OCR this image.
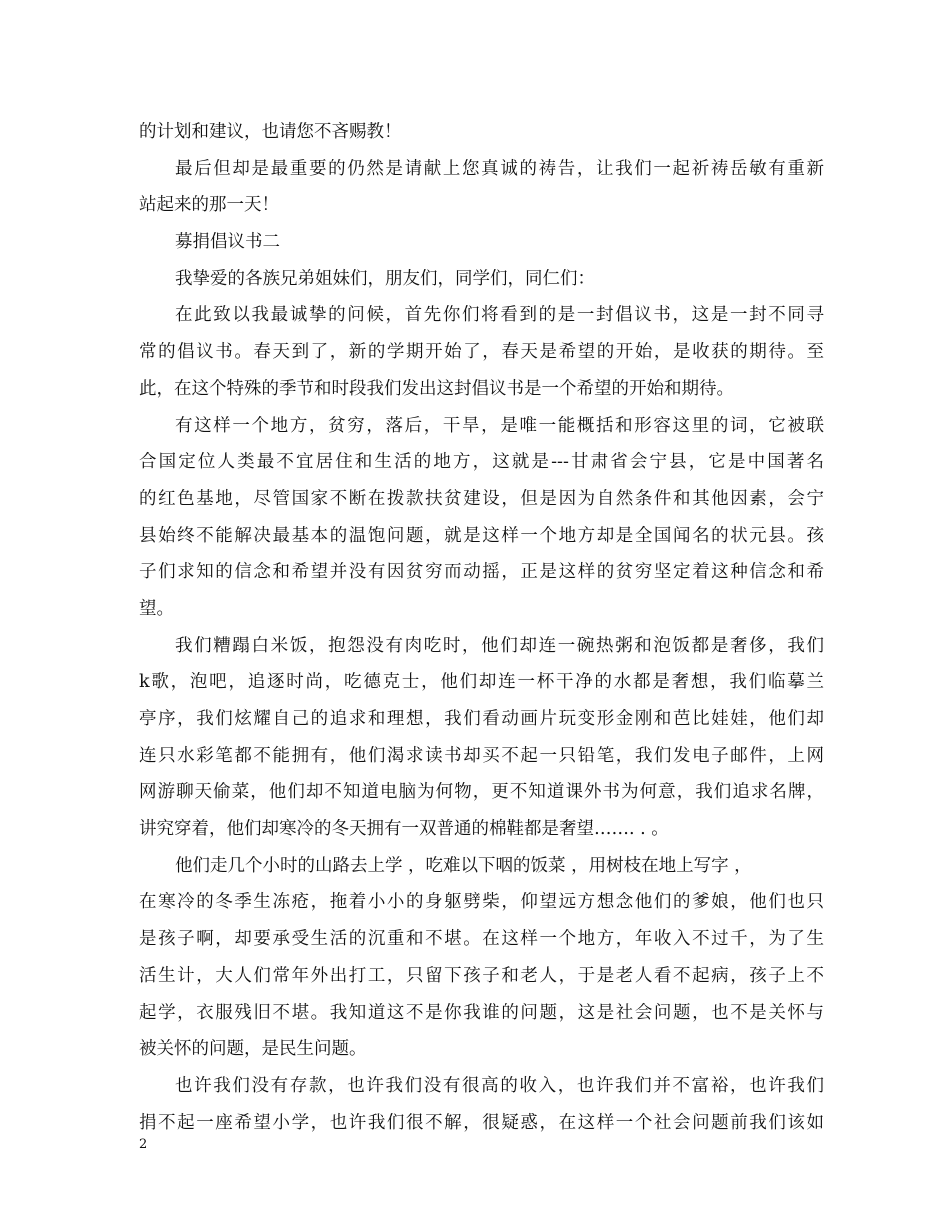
的计划和建议，也请您不吝赐教！
最后但却是最重要的仍然是请献上您真诚的祷告，让我们一起祈祷岳敏有重新
站起来的那一天！
募捐倡议书二
我挚爱的各族兄弟姐妹们，朋友们，同学们，同仁们：
在此致以我最诚挚的问候，首先你们将看到的是一封倡议书，这是一封不同寻
常的倡议书。春天到了，新的学期开始了，春天是希望的开始，是收获的期待。至
此，在这个特殊的季节和时段我们发出这封倡议书是一个希望的开始和期待。
有这样一个地方，贫穷，落后，干旱，是唯一能概括和形容这里的词，它被联
合国定位人类最不宜居住和生活的地方，这就是---甘肃省会宁县，它是中国著名
的红色基地，尽管国家不断在拨款扶贫建设，但是因为自然条件和其他因素，会宁
县始终不能解决最基本的温饱问题，就是这样一个地方却是全国闻名的状元县。孩
子们求知的信念和希望并没有因贫穷而动摇，正是这样的贫穷坚定着这种信念和希
望。
我们糟蹋白米饭，抱怨没有肉吃时，他们却连一碗热粥和泡饭都是奢侈，我们
k歌，泡吧，追逐时尚，吃德克士，他们却连一杯干净的水都是奢想，我们临摹兰
亭序，我们炫耀自己的追求和理想，我们看动画片玩变形金刚和芭比娃娃，他们却
连只水彩笔都不能拥有，他们渴求读书却买不起一只铅笔，我们发电子邮件，上网
网游聊天偷菜，他们却不知道电脑为何物，更不知道课外书为何意，我们追求名牌，
讲究穿着，他们却寒冷的冬天拥有一双普通的棉鞋都是奢望……. . 。
他们走几个小时的山路去上学 ，吃难以下咽的饭菜 ，用树枝在地上写字 ，
在寒冷的冬季生冻疮，拖着小小的身躯劈柴，仰望远方想念他们的爹娘，他们也只
是孩子啊，却要承受生活的沉重和不堪。在这样一个地方，年收入不过千，为了生
活生计，大人们常年外出打工，只留下孩子和老人，于是老人看不起病，孩子上不
起学，衣服残旧不堪。我知道这不是你我谁的问题，这是社会问题，也不是关怀与
被关怀的问题，是民生问题。
也许我们没有存款，也许我们没有很高的收入，也许我们并不富裕，也许我们
捐不起一座希望小学，也许我们很不解，很疑惑，在这样一个社会问题前我们该如
2
